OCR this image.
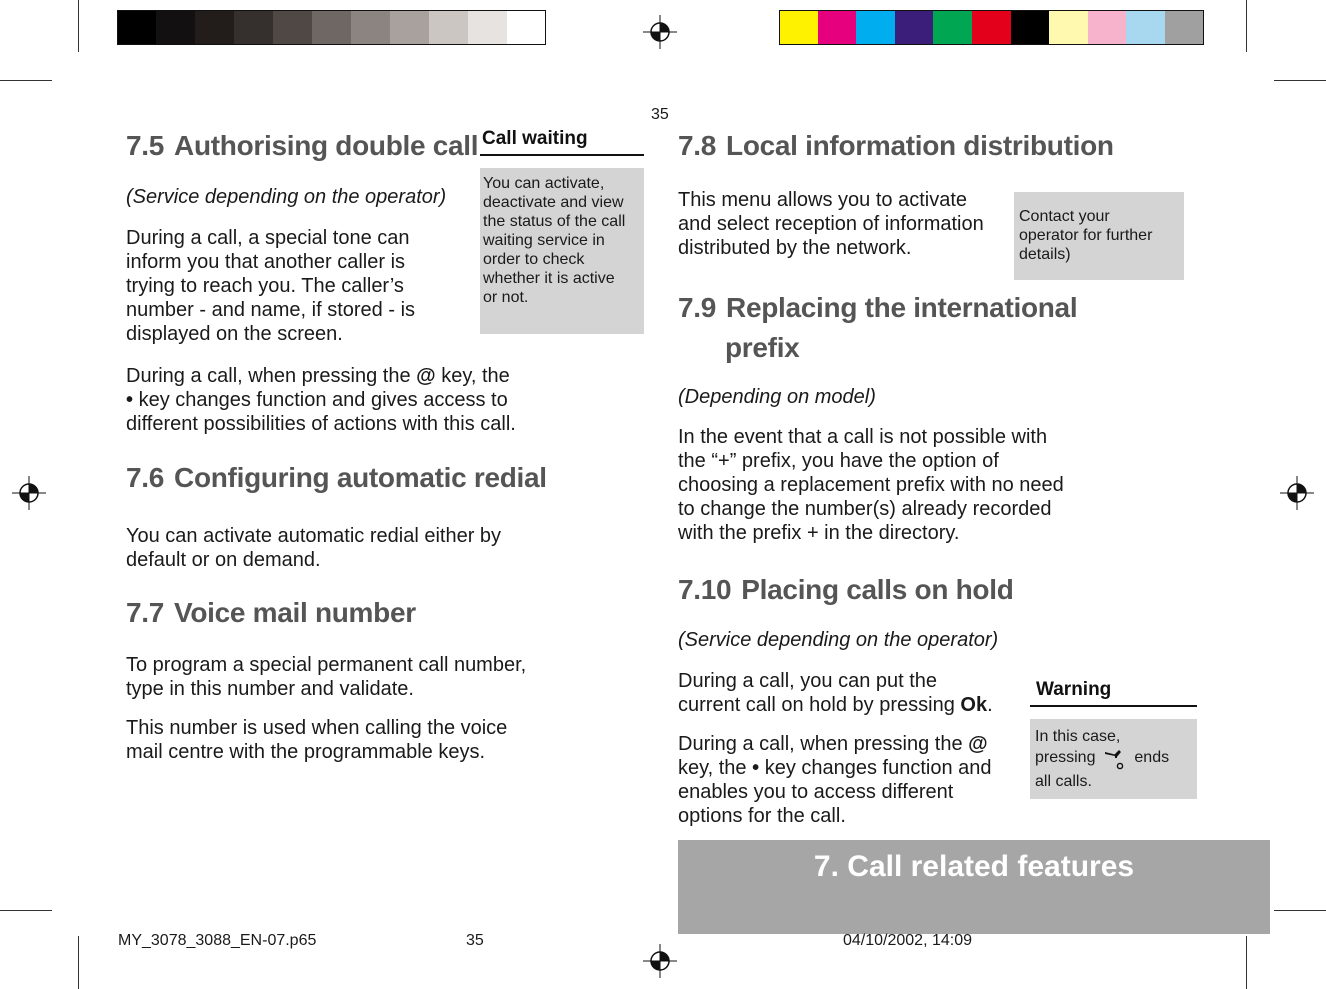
35
7.5 Authorising double call
(Service depending on the operator)
During a call, a special tone can
inform you that another caller is
trying to reach you. The caller’s
number - and name, if stored - is
displayed on the screen.
During a call, when pressing the @ key, the
• key changes function and gives access to
different possibilities of actions with this call.
Call waiting
You can activate,
deactivate and view
the status of the call
waiting service in
order to check
whether it is active
or not.
7.6 Configuring automatic redial
You can activate automatic redial either by
default or on demand.
7.7 Voice mail number
To program a special permanent call number,
type in this number and validate.
This number is used when calling the voice
mail centre with the programmable keys.
7.8 Local information distribution
This menu allows you to activate
and select reception of information
distributed by the network.
Contact your
operator for further
details)
7.9 Replacing the international
prefix
(Depending on model)
In the event that a call is not possible with
the “+” prefix, you have the option of
choosing a replacement prefix with no need
to change the number(s) already recorded
with the prefix + in the directory.
7.10 Placing calls on hold
(Service depending on the operator)
During a call, you can put the
current call on hold by pressing Ok.
During a call, when pressing the @
key, the • key changes function and
enables you to access different
options for the call.
Warning
In this case,
pressing ends
all calls.
7. Call related features
MY_3078_3088_EN-07.p65	35	04/10/2002, 14:09
